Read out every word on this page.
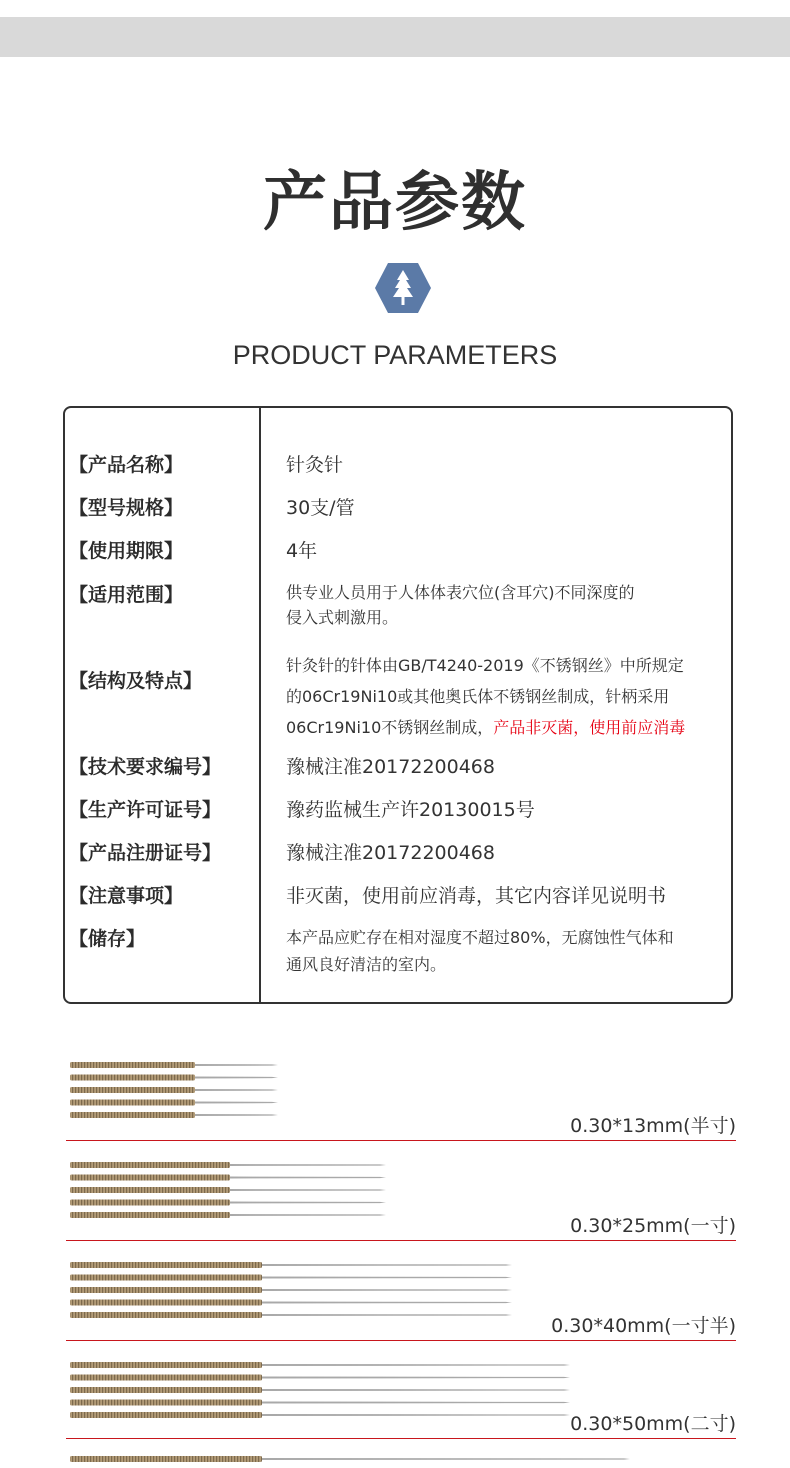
产品参数
PRODUCT PARAMETERS
【产品名称】	针灸针
【型号规格】	30支/管
【使用期限】	4年
【适用范围】	供专业人员用于人体体表穴位(含耳穴)不同深度的
侵入式刺激用。
【结构及特点】
针灸针的针体由GB/T4240-2019《不锈钢丝》中所规定
的06Cr19Ni10或其他奥氏体不锈钢丝制成，针柄采用
06Cr19Ni10不锈钢丝制成，产品非灭菌，使用前应消毒
【技术要求编号】	豫械注准20172200468
【生产许可证号】	豫药监械生产许20130015号
【产品注册证号】	豫械注准20172200468
【注意事项】	非灭菌，使用前应消毒，其它内容详见说明书
【储存】	本产品应贮存在相对湿度不超过80%，无腐蚀性气体和
通风良好清洁的室内。
0.30*13mm(半寸)
0.30*25mm(一寸)
0.30*40mm(一寸半)
0.30*50mm(二寸)
